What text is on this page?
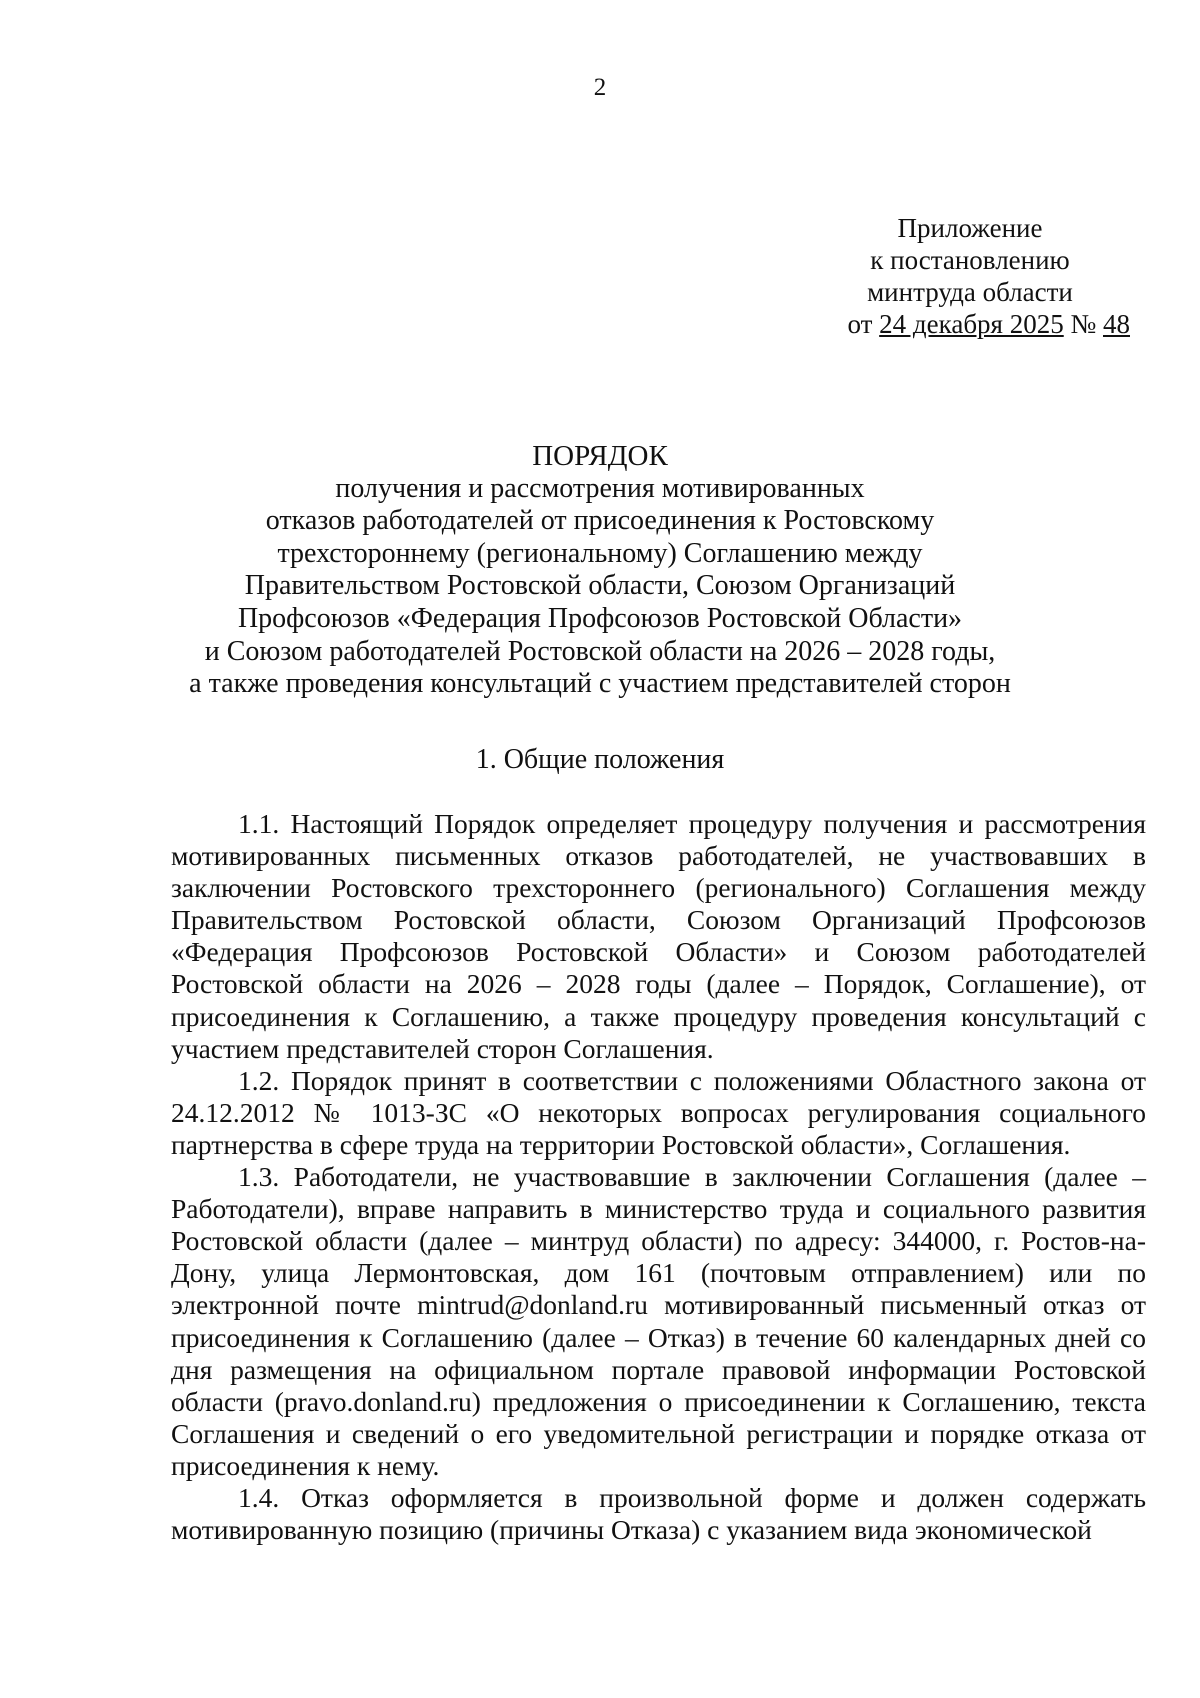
2
Приложение
к постановлению
минтруда области
от 24 декабря 2025 № 48
ПОРЯДОК
получения и рассмотрения мотивированных
отказов работодателей от присоединения к Ростовскому
трехстороннему (региональному) Соглашению между
Правительством Ростовской области, Союзом Организаций
Профсоюзов «Федерация Профсоюзов Ростовской Области»
и Союзом работодателей Ростовской области на 2026 – 2028 годы,
а также проведения консультаций с участием представителей сторон
1. Общие положения

1.1. Настоящий Порядок определяет процедуру получения и рассмотрения мотивированных письменных отказов работодателей, не участвовавших в заключении Ростовского трехстороннего (регионального) Соглашения между Правительством Ростовской области, Союзом Организаций Профсоюзов «Федерация Профсоюзов Ростовской Области» и Союзом работодателей Ростовской области на 2026 – 2028 годы (далее – Порядок, Соглашение), от присоединения к Соглашению, а также процедуру проведения консультаций с участием представителей сторон Соглашения.

1.2. Порядок принят в соответствии с положениями Областного закона от 24.12.2012 № 1013-ЗС «О некоторых вопросах регулирования социального партнерства в сфере труда на территории Ростовской области», Соглашения.

1.3. Работодатели, не участвовавшие в заключении Соглашения (далее – Работодатели), вправе направить в министерство труда и социального развития Ростовской области (далее – минтруд области) по адресу: 344000, г. Ростов-на-Дону, улица Лермонтовская, дом 161 (почтовым отправлением) или по электронной почте mintrud@donland.ru мотивированный письменный отказ от присоединения к Соглашению (далее – Отказ) в течение 60 календарных дней со дня размещения на официальном портале правовой информации Ростовской области (pravo.donland.ru) предложения о присоединении к Соглашению, текста Соглашения и сведений о его уведомительной регистрации и порядке отказа от присоединения к нему.

1.4. Отказ оформляется в произвольной форме и должен содержать мотивированную позицию (причины Отказа) с указанием вида экономической
